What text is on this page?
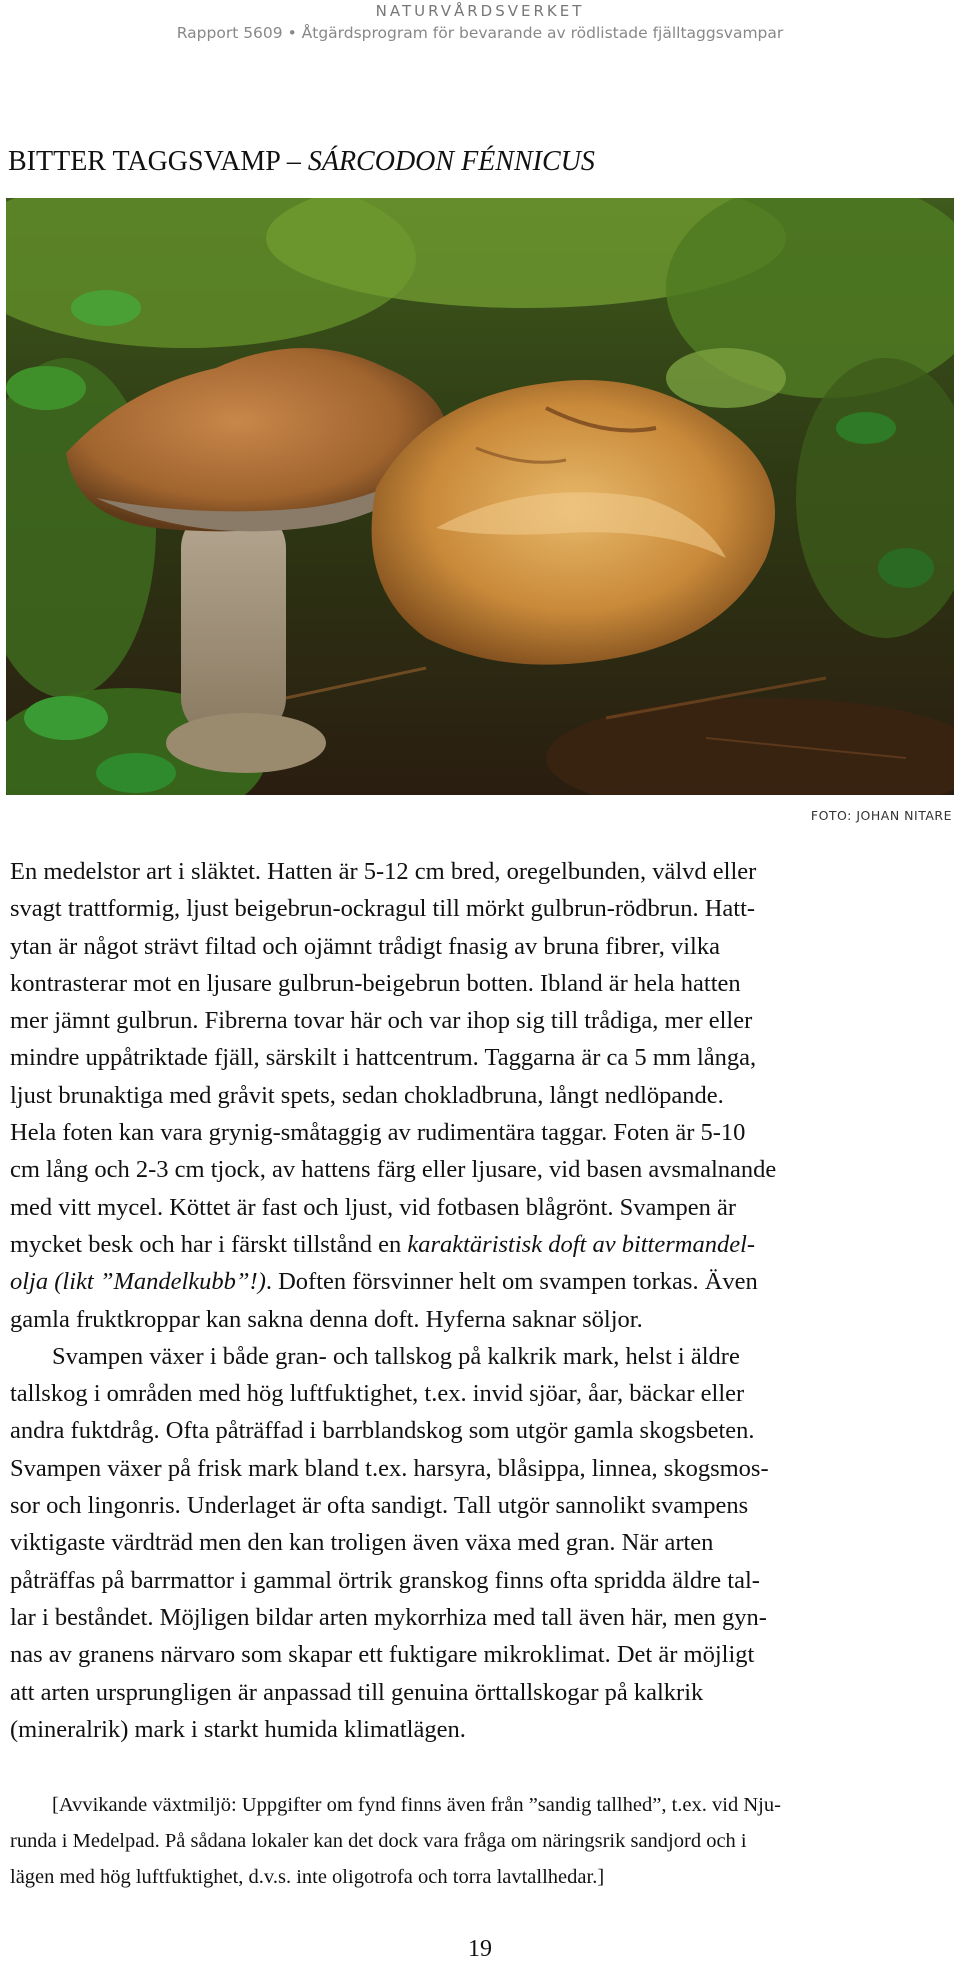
NATURVÅRDSVERKET
Rapport 5609 • Åtgärdsprogram för bevarande av rödlistade fjälltaggsvampar
BITTER TAGGSVAMP – SÁRCODON FÉNNICUS
FOTO: JOHAN NITARE
En medelstor art i släktet. Hatten är 5-12 cm bred, oregelbunden, välvd eller
svagt trattformig, ljust beigebrun-ockragul till mörkt gulbrun-rödbrun. Hatt-
ytan är något strävt filtad och ojämnt trådigt fnasig av bruna fibrer, vilka
kontrasterar mot en ljusare gulbrun-beigebrun botten. Ibland är hela hatten
mer jämnt gulbrun. Fibrerna tovar här och var ihop sig till trådiga, mer eller
mindre uppåtriktade fjäll, särskilt i hattcentrum. Taggarna är ca 5 mm långa,
ljust brunaktiga med gråvit spets, sedan chokladbruna, långt nedlöpande.
Hela foten kan vara grynig-småtaggig av rudimentära taggar. Foten är 5-10
cm lång och 2-3 cm tjock, av hattens färg eller ljusare, vid basen avsmalnande
med vitt mycel. Köttet är fast och ljust, vid fotbasen blågrönt. Svampen är
mycket besk och har i färskt tillstånd en karaktäristisk doft av bittermandel-
olja (likt ”Mandelkubb”!). Doften försvinner helt om svampen torkas. Även
gamla fruktkroppar kan sakna denna doft. Hyferna saknar söljor.
Svampen växer i både gran- och tallskog på kalkrik mark, helst i äldre
tallskog i områden med hög luftfuktighet, t.ex. invid sjöar, åar, bäckar eller
andra fuktdråg. Ofta påträffad i barrblandskog som utgör gamla skogsbeten.
Svampen växer på frisk mark bland t.ex. harsyra, blåsippa, linnea, skogsmos-
sor och lingonris. Underlaget är ofta sandigt. Tall utgör sannolikt svampens
viktigaste värdträd men den kan troligen även växa med gran. När arten
påträffas på barrmattor i gammal örtrik granskog finns ofta spridda äldre tal-
lar i beståndet. Möjligen bildar arten mykorrhiza med tall även här, men gyn-
nas av granens närvaro som skapar ett fuktigare mikroklimat. Det är möjligt
att arten ursprungligen är anpassad till genuina örttallskogar på kalkrik
(mineralrik) mark i starkt humida klimatlägen.
[Avvikande växtmiljö: Uppgifter om fynd finns även från ”sandig tallhed”, t.ex. vid Nju-
runda i Medelpad. På sådana lokaler kan det dock vara fråga om näringsrik sandjord och i
lägen med hög luftfuktighet, d.v.s. inte oligotrofa och torra lavtallhedar.]
19
